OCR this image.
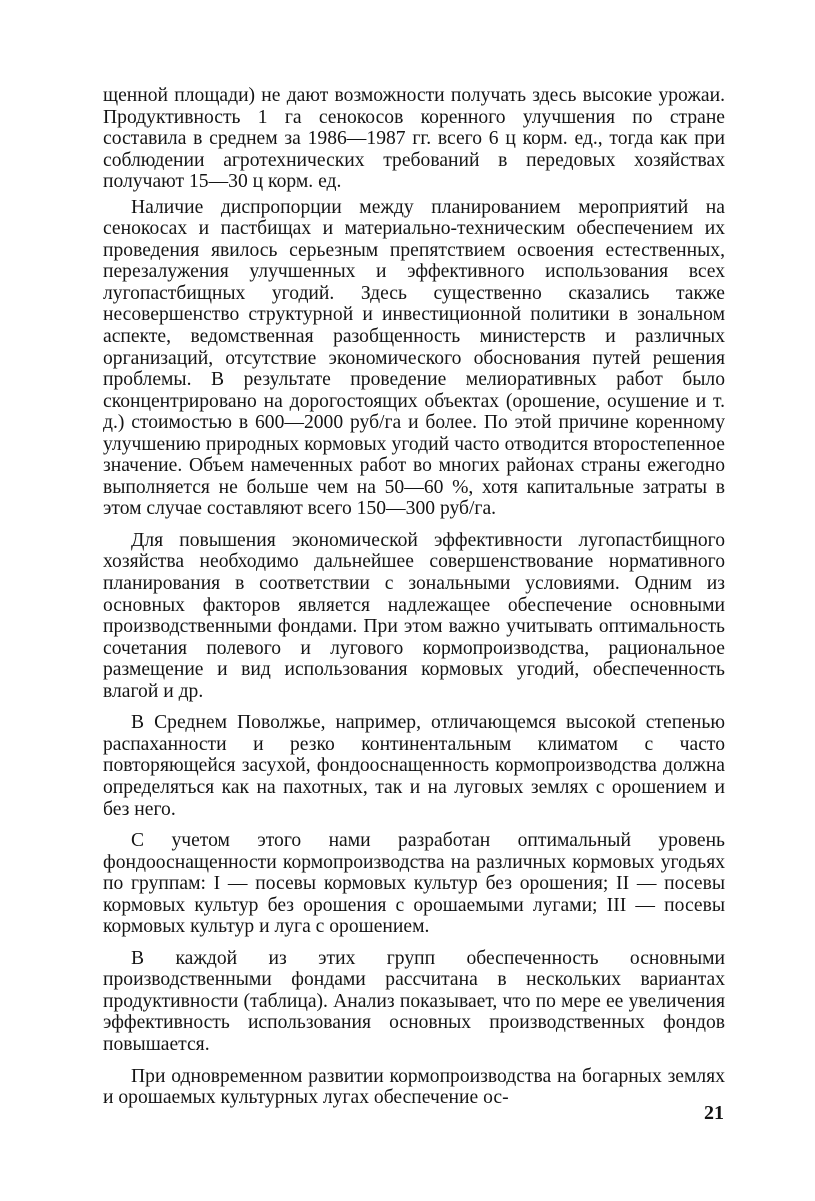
щенной площади) не дают возможности получать здесь высокие урожаи. Продуктивность 1 га сенокосов коренного улучшения по стране составила в среднем за 1986—1987 гг. всего 6 ц корм. ед., тогда как при соблюдении агротехнических требований в передовых хозяйствах получают 15—30 ц корм. ед.

Наличие диспропорции между планированием мероприятий на сенокосах и пастбищах и материально-техническим обеспечением их проведения явилось серьезным препятствием освоения естественных, перезалужения улучшенных и эффективного использования всех лугопастбищных угодий. Здесь существенно сказались также несовершенство структурной и инвестиционной политики в зональном аспекте, ведомственная разобщенность министерств и различных организаций, отсутствие экономического обоснования путей решения проблемы. В результате проведение мелиоративных работ было сконцентрировано на дорогостоящих объектах (орошение, осушение и т. д.) стоимостью в 600—2000 руб/га и более. По этой причине коренному улучшению природных кормовых угодий часто отводится второстепенное значение. Объем намеченных работ во многих районах страны ежегодно выполняется не больше чем на 50—60 %, хотя капитальные затраты в этом случае составляют всего 150—300 руб/га.

Для повышения экономической эффективности лугопастбищного хозяйства необходимо дальнейшее совершенствование нормативного планирования в соответствии с зональными условиями. Одним из основных факторов является надлежащее обеспечение основными производственными фондами. При этом важно учитывать оптимальность сочетания полевого и лугового кормопроизводства, рациональное размещение и вид использования кормовых угодий, обеспеченность влагой и др.

В Среднем Поволжье, например, отличающемся высокой степенью распаханности и резко континентальным климатом с часто повторяющейся засухой, фондооснащенность кормопроизводства должна определяться как на пахотных, так и на луговых землях с орошением и без него.

С учетом этого нами разработан оптимальный уровень фондооснащенности кормопроизводства на различных кормовых угодьях по группам: I — посевы кормовых культур без орошения; II — посевы кормовых культур без орошения с орошаемыми лугами; III — посевы кормовых культур и луга с орошением.

В каждой из этих групп обеспеченность основными производственными фондами рассчитана в нескольких вариантах продуктивности (таблица). Анализ показывает, что по мере ее увеличения эффективность использования основных производственных фондов повышается.

При одновременном развитии кормопроизводства на богарных землях и орошаемых культурных лугах обеспечение ос-

21
